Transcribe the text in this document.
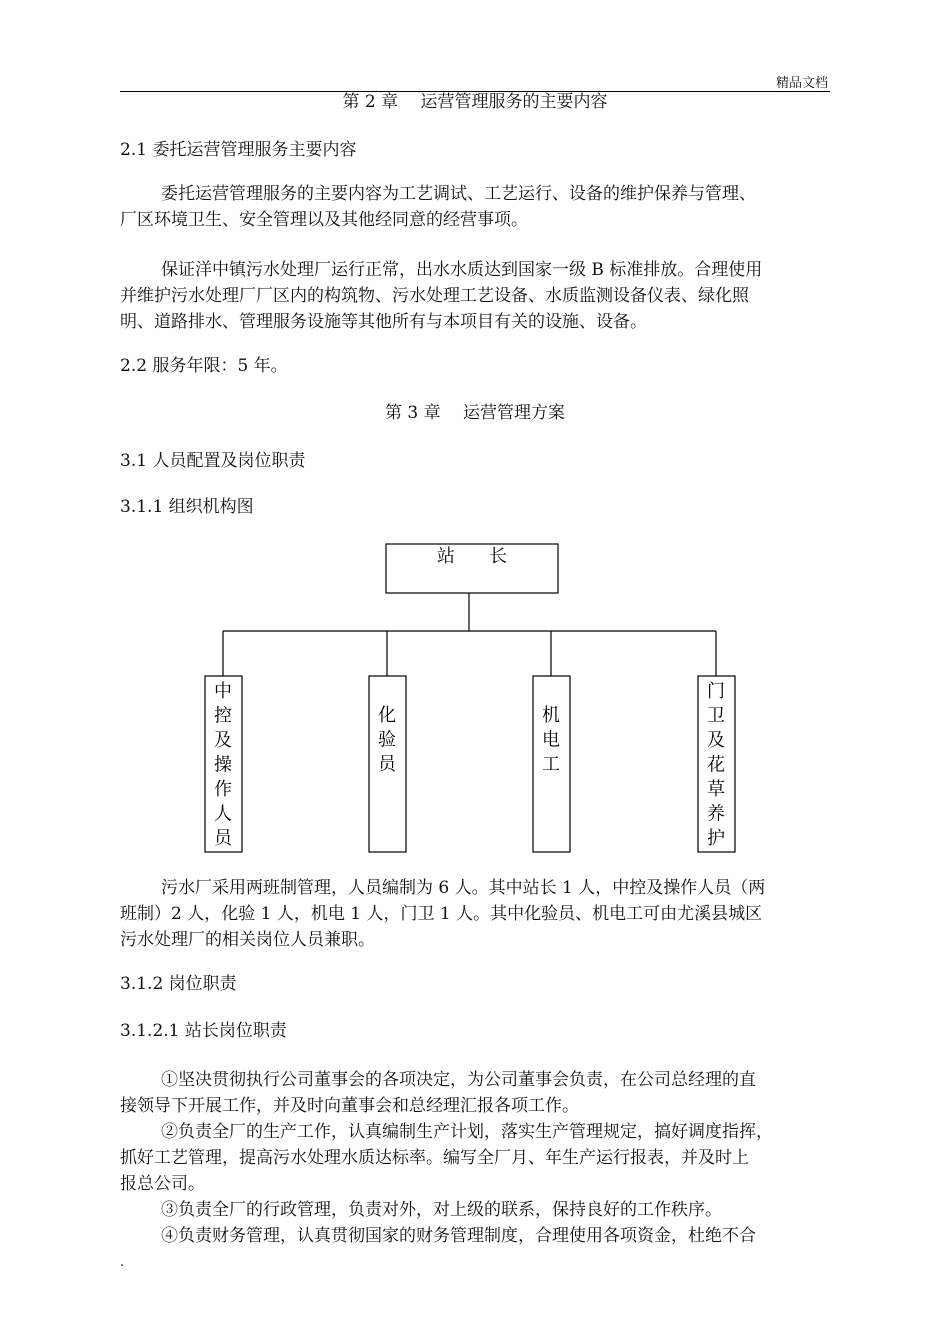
精品文档
第 2 章　 运营管理服务的主要内容
2.1 委托运营管理服务主要内容

委托运营管理服务的主要内容为工艺调试、工艺运行、设备的维护保养与管理、

厂区环境卫生、安全管理以及其他经同意的经营事项。

保证洋中镇污水处理厂运行正常，出水水质达到国家一级 B 标准排放。合理使用

并维护污水处理厂厂区内的构筑物、污水处理工艺设备、水质监测设备仪表、绿化照

明、道路排水、管理服务设施等其他所有与本项目有关的设施、设备。

2.2 服务年限：5 年。
第 3 章　 运营管理方案
3.1 人员配置及岗位职责
3.1.1 组织机构图
站      长
中
控
及
操
作
人
员
化
验
员
机
电
工
门
卫
及
花
草
养
护

污水厂采用两班制管理，人员编制为 6 人。其中站长 1 人，中控及操作人员（两

班制）2 人，化验 1 人，机电 1 人，门卫 1 人。其中化验员、机电工可由尤溪县城区

污水处理厂的相关岗位人员兼职。

3.1.2 岗位职责
3.1.2.1 站长岗位职责

①坚决贯彻执行公司董事会的各项决定，为公司董事会负责，在公司总经理的直

接领导下开展工作，并及时向董事会和总经理汇报各项工作。

②负责全厂的生产工作，认真编制生产计划，落实生产管理规定，搞好调度指挥，

抓好工艺管理，提高污水处理水质达标率。编写全厂月、年生产运行报表，并及时上

报总公司。

③负责全厂的行政管理，负责对外，对上级的联系，保持良好的工作秩序。

④负责财务管理，认真贯彻国家的财务管理制度，合理使用各项资金，杜绝不合

.
